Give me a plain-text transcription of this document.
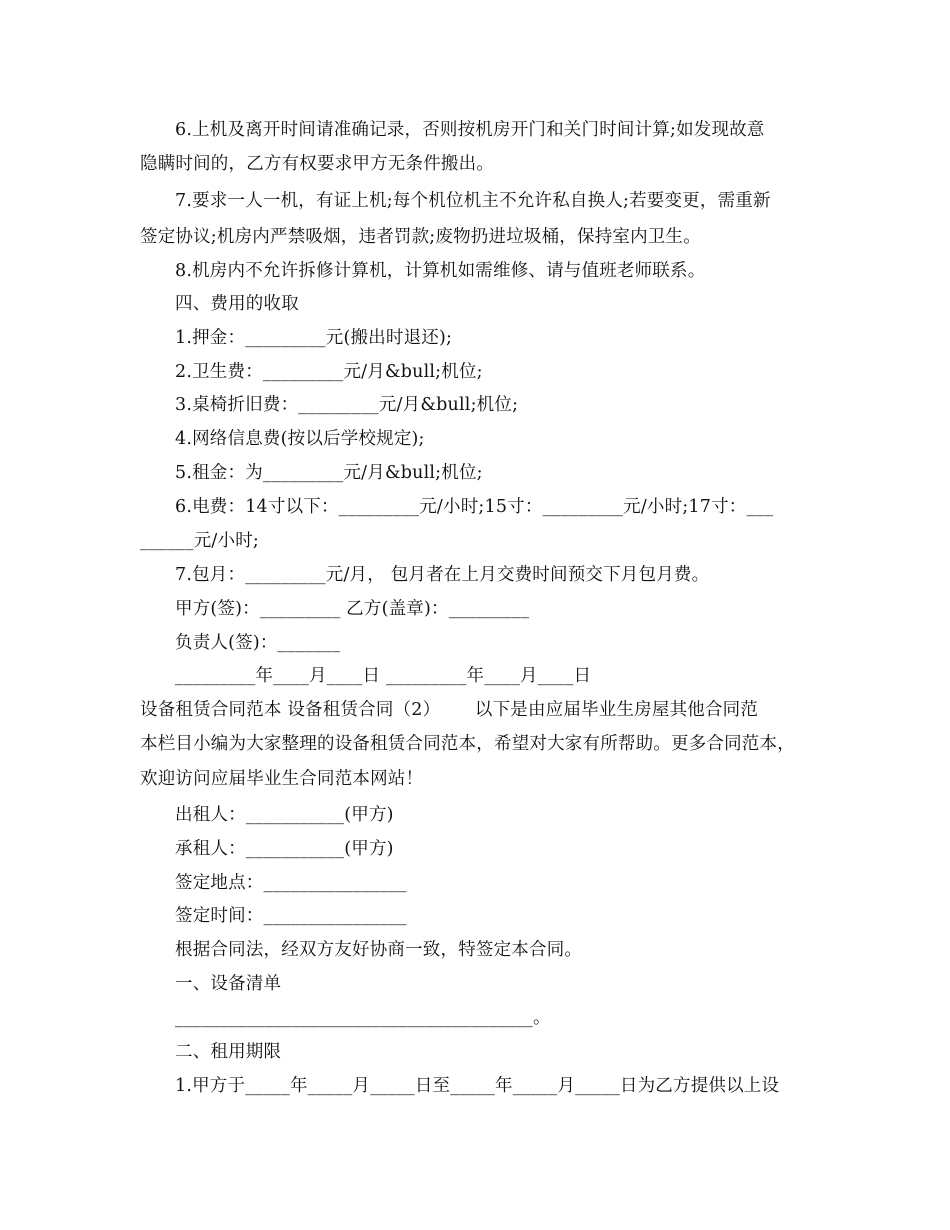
6.上机及离开时间请准确记录，否则按机房开门和关门时间计算;如发现故意
隐瞒时间的，乙方有权要求甲方无条件搬出。
7.要求一人一机，有证上机;每个机位机主不允许私自换人;若要变更，需重新
签定协议;机房内严禁吸烟，违者罚款;废物扔进垃圾桶，保持室内卫生。
8.机房内不允许拆修计算机，计算机如需维修、请与值班老师联系。
四、费用的收取
1.押金：_________元(搬出时退还);
2.卫生费：_________元/月&bull;机位;
3.桌椅折旧费：_________元/月&bull;机位;
4.网络信息费(按以后学校规定);
5.租金：为_________元/月&bull;机位;
6.电费：14寸以下：_________元/小时;15寸：_________元/小时;17寸：___
______元/小时;
7.包月：_________元/月， 包月者在上月交费时间预交下月包月费。
甲方(签)：_________ 乙方(盖章)：_________
负责人(签)：_______
_________年____月____日 _________年____月____日
设备租赁合同范本 设备租赁合同（2）      以下是由应届毕业生房屋其他合同范
本栏目小编为大家整理的设备租赁合同范本，希望对大家有所帮助。更多合同范本，
欢迎访问应届毕业生合同范本网站！
出租人：___________(甲方)
承租人：___________(甲方)
签定地点：________________
签定时间：________________
根据合同法，经双方友好协商一致，特签定本合同。
一、设备清单
________________________________________。
二、租用期限
1.甲方于_____年_____月_____日至_____年_____月_____日为乙方提供以上设
